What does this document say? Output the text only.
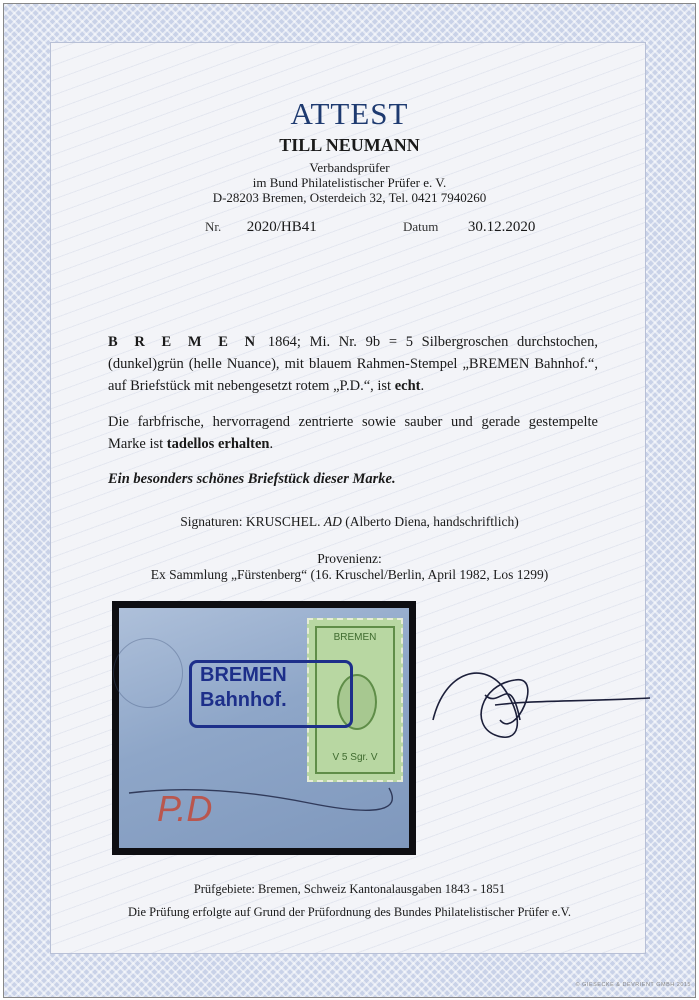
ATTEST
TILL NEUMANN
Verbandsprüfer
im Bund Philatelistischer Prüfer e. V.
D-28203 Bremen, Osterdeich 32, Tel. 0421 7940260
Nr. 2020/HB41	Datum 30.12.2020
B R E M E N 1864; Mi. Nr. 9b = 5 Silbergroschen durchstochen, (dunkel)grün (helle Nuance), mit blauem Rahmen-Stempel „BREMEN Bahnhof.“, auf Briefstück mit nebengesetzt rotem „P.D.“, ist echt.
Die farbfrische, hervorragend zentrierte sowie sauber und gerade gestempelte Marke ist tadellos erhalten.
Ein besonders schönes Briefstück dieser Marke.
Signaturen: KRUSCHEL. AD (Alberto Diena, handschriftlich)
Provenienz:
Ex Sammlung „Fürstenberg“ (16. Kruschel/Berlin, April 1982, Los 1299)
BREMEN
V 5 Sgr. V
BREMEN
Bahnhof.
P.D
Prüfgebiete: Bremen, Schweiz Kantonalausgaben 1843 - 1851
Die Prüfung erfolgte auf Grund der Prüfordnung des Bundes Philatelistischer Prüfer e.V.
© GIESECKE & DEVRIENT GMBH 2015
